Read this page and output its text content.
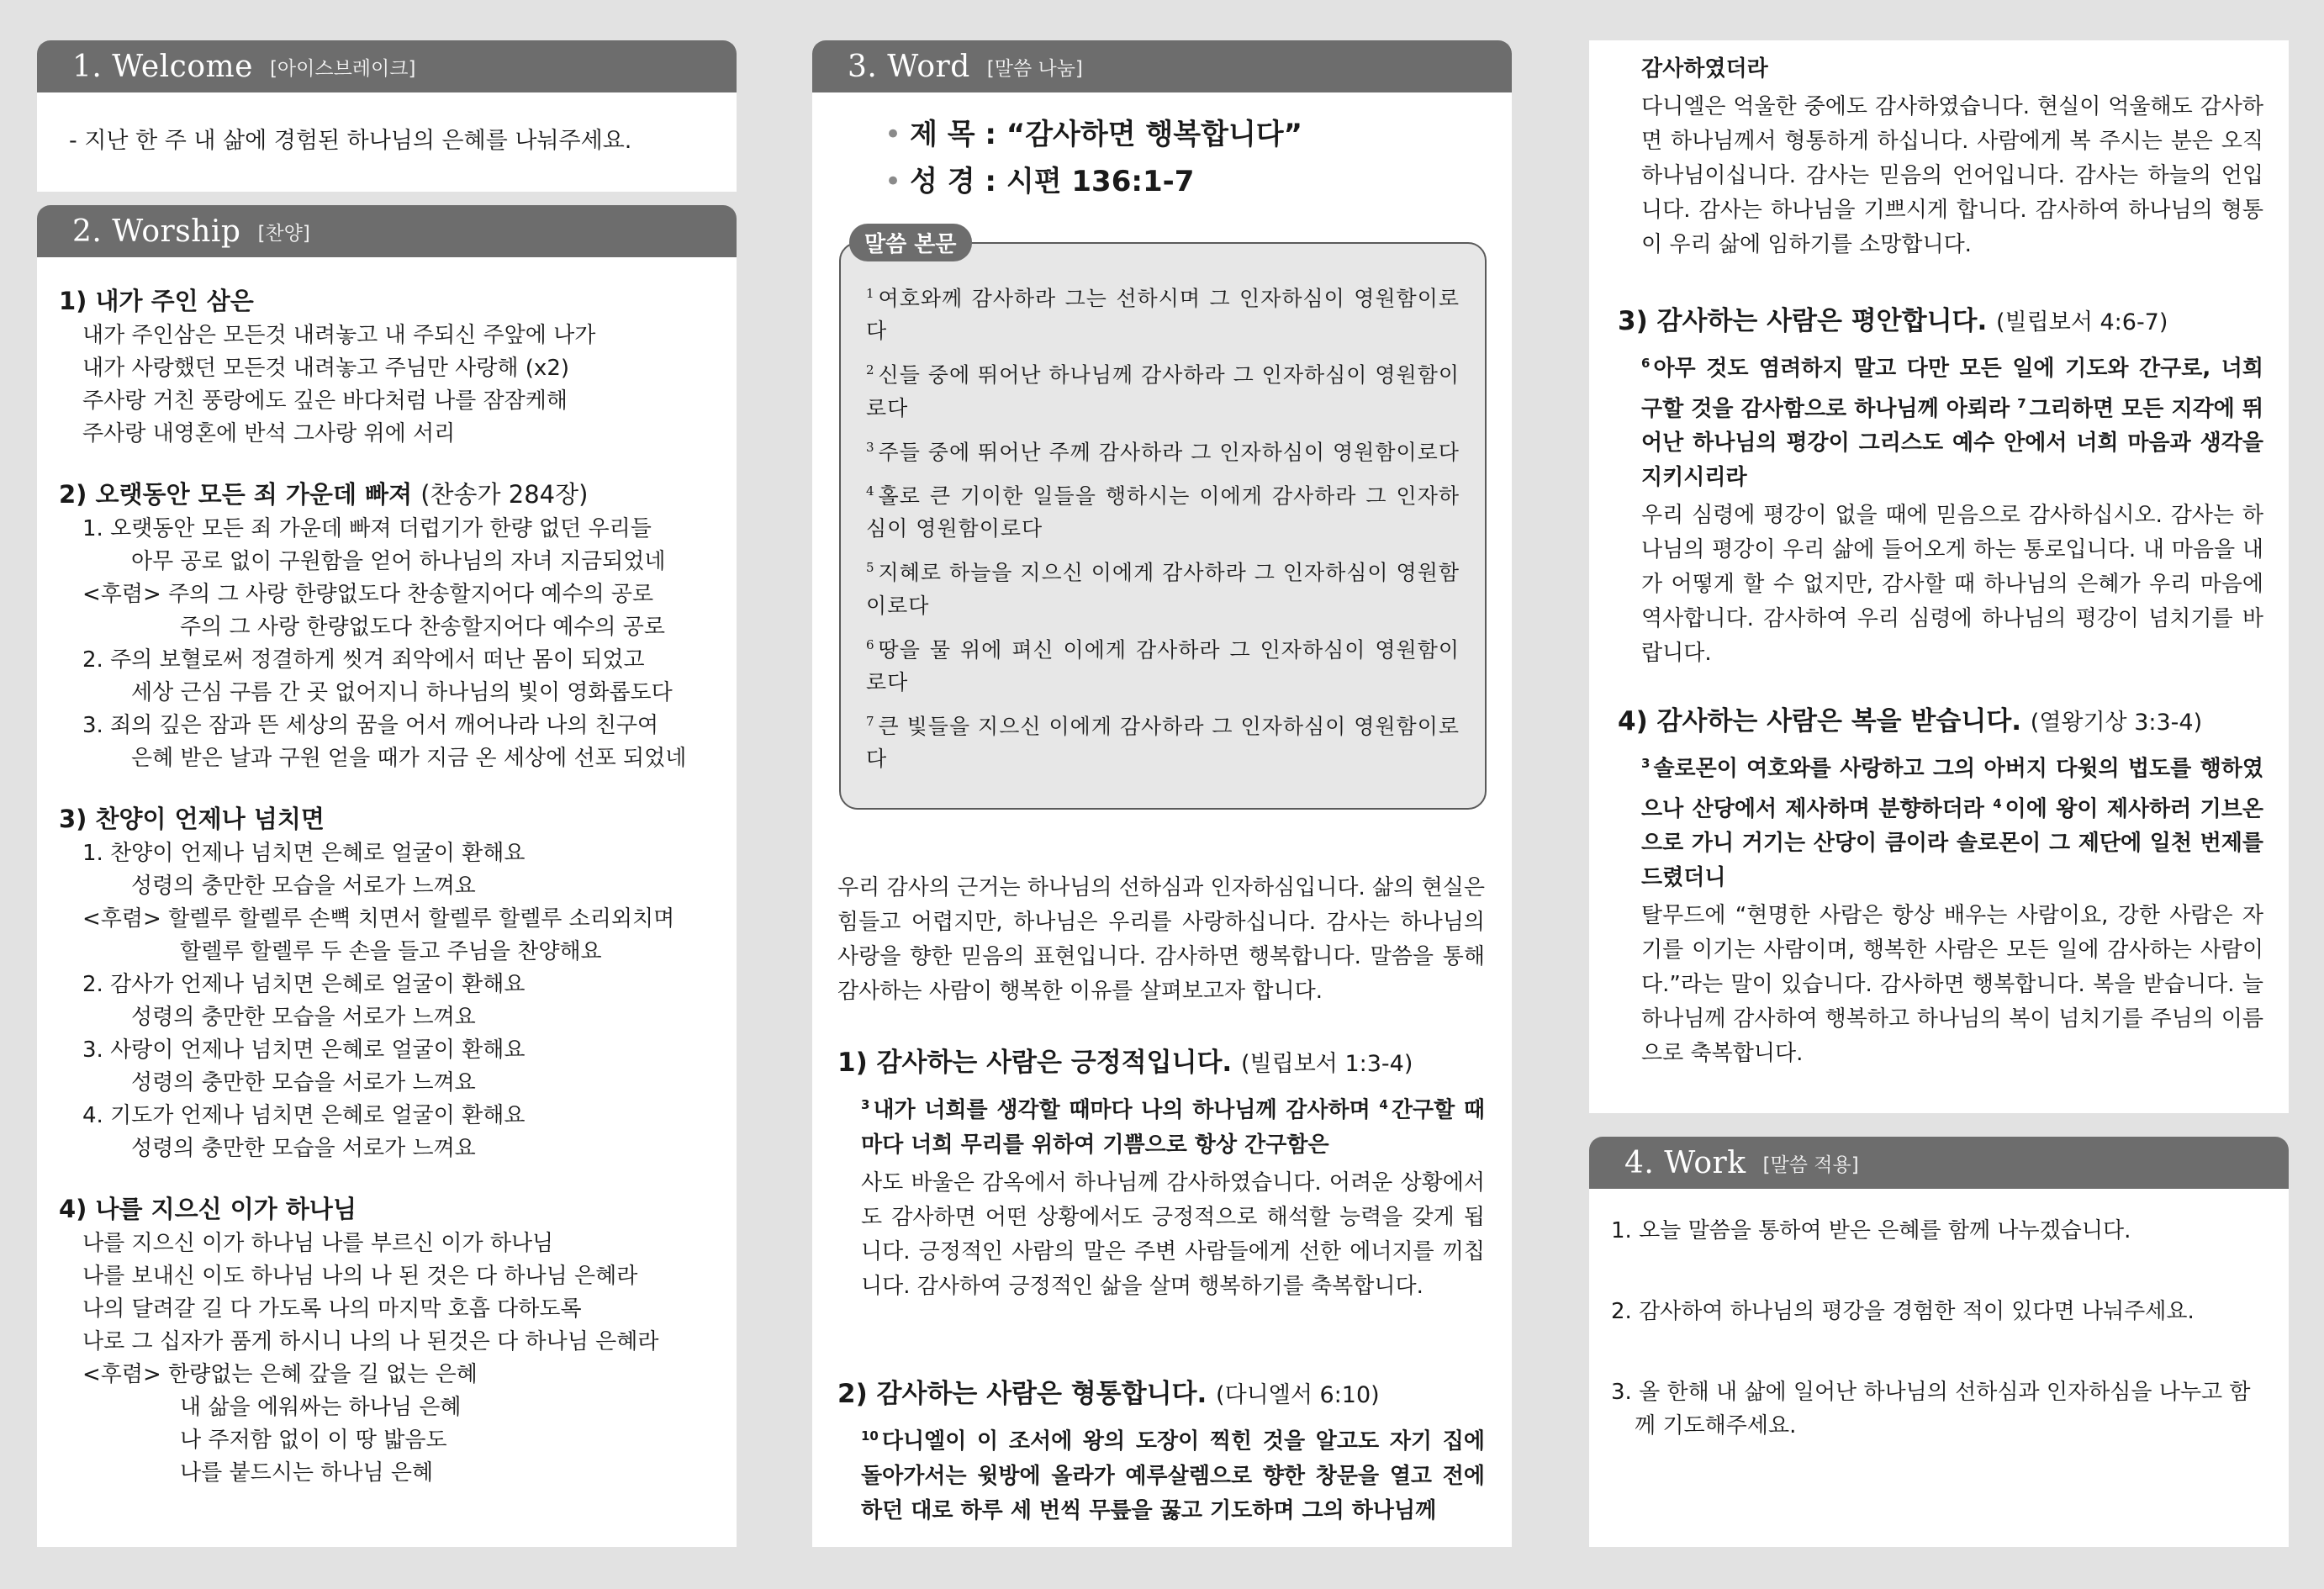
1. Welcome [아이스브레이크]
- 지난 한 주 내 삶에 경험된 하나님의 은혜를 나눠주세요.
2. Worship [찬양]
1) 내가 주인 삼은
내가 주인삼은 모든것 내려놓고 내 주되신 주앞에 나가
내가 사랑했던 모든것 내려놓고 주님만 사랑해 (x2)
주사랑 거친 풍랑에도 깊은 바다처럼 나를 잠잠케해
주사랑 내영혼에 반석 그사랑 위에 서리
2) 오랫동안 모든 죄 가운데 빠져 (찬송가 284장)
1. 오랫동안 모든 죄 가운데 빠져 더럽기가 한량 없던 우리들
아무 공로 없이 구원함을 얻어 하나님의 자녀 지금되었네
<후렴> 주의 그 사랑 한량없도다 찬송할지어다 예수의 공로
주의 그 사랑 한량없도다 찬송할지어다 예수의 공로
2. 주의 보혈로써 정결하게 씻겨 죄악에서 떠난 몸이 되었고
세상 근심 구름 간 곳 없어지니 하나님의 빛이 영화롭도다
3. 죄의 깊은 잠과 뜬 세상의 꿈을 어서 깨어나라 나의 친구여
은혜 받은 날과 구원 얻을 때가 지금 온 세상에 선포 되었네
3) 찬양이 언제나 넘치면
1. 찬양이 언제나 넘치면 은혜로 얼굴이 환해요
성령의 충만한 모습을 서로가 느껴요
<후렴> 할렐루 할렐루 손뼉 치면서 할렐루 할렐루 소리외치며
할렐루 할렐루 두 손을 들고 주님을 찬양해요
2. 감사가 언제나 넘치면 은혜로 얼굴이 환해요
성령의 충만한 모습을 서로가 느껴요
3. 사랑이 언제나 넘치면 은혜로 얼굴이 환해요
성령의 충만한 모습을 서로가 느껴요
4. 기도가 언제나 넘치면 은혜로 얼굴이 환해요
성령의 충만한 모습을 서로가 느껴요
4) 나를 지으신 이가 하나님
나를 지으신 이가 하나님 나를 부르신 이가 하나님
나를 보내신 이도 하나님 나의 나 된 것은 다 하나님 은혜라
나의 달려갈 길 다 가도록 나의 마지막 호흡 다하도록
나로 그 십자가 품게 하시니 나의 나 된것은 다 하나님 은혜라
<후렴> 한량없는 은혜 갚을 길 없는 은혜
내 삶을 에워싸는 하나님 은혜
나 주저함 없이 이 땅 밟음도
나를 붙드시는 하나님 은혜
3. Word [말씀 나눔]
• 제 목 : “감사하면 행복합니다”
• 성 경 : 시편 136:1-7
$^1$ 여호와께 감사하라 그는 선하시며 그 인자하심이 영원함이로다
$^2$ 신들 중에 뛰어난 하나님께 감사하라 그 인자하심이 영원함이로다
$^3$ 주들 중에 뛰어난 주께 감사하라 그 인자하심이 영원함이로다
$^4$ 홀로 큰 기이한 일들을 행하시는 이에게 감사하라 그 인자하심이 영원함이로다
$^5$ 지혜로 하늘을 지으신 이에게 감사하라 그 인자하심이 영원함이로다
$^6$ 땅을 물 위에 펴신 이에게 감사하라 그 인자하심이 영원함이로다
$^7$ 큰 빛들을 지으신 이에게 감사하라 그 인자하심이 영원함이로다
말씀 본문
우리 감사의 근거는 하나님의 선하심과 인자하심입니다. 삶의 현실은 힘들고 어렵지만, 하나님은 우리를 사랑하십니다. 감사는 하나님의 사랑을 향한 믿음의 표현입니다. 감사하면 행복합니다. 말씀을 통해 감사하는 사람이 행복한 이유를 살펴보고자 합니다.
1) 감사하는 사람은 긍정적입니다. (빌립보서 1:3-4)
$^3$ 내가 너희를 생각할 때마다 나의 하나님께 감사하며 $^4$ 간구할 때마다 너희 무리를 위하여 기쁨으로 항상 간구함은
사도 바울은 감옥에서 하나님께 감사하였습니다. 어려운 상황에서도 감사하면 어떤 상황에서도 긍정적으로 해석할 능력을 갖게 됩니다. 긍정적인 사람의 말은 주변 사람들에게 선한 에너지를 끼칩니다. 감사하여 긍정적인 삶을 살며 행복하기를 축복합니다.
2) 감사하는 사람은 형통합니다. (다니엘서 6:10)
$^{10}$ 다니엘이 이 조서에 왕의 도장이 찍힌 것을 알고도 자기 집에 돌아가서는 윗방에 올라가 예루살렘으로 향한 창문을 열고 전에 하던 대로 하루 세 번씩 무릎을 꿇고 기도하며 그의 하나님께
감사하였더라
다니엘은 억울한 중에도 감사하였습니다. 현실이 억울해도 감사하면 하나님께서 형통하게 하십니다. 사람에게 복 주시는 분은 오직 하나님이십니다. 감사는 믿음의 언어입니다. 감사는 하늘의 언입니다. 감사는 하나님을 기쁘시게 합니다. 감사하여 하나님의 형통이 우리 삶에 임하기를 소망합니다.
3) 감사하는 사람은 평안합니다. (빌립보서 4:6-7)
$^6$ 아무 것도 염려하지 말고 다만 모든 일에 기도와 간구로, 너희 구할 것을 감사함으로 하나님께 아뢰라 $^7$ 그리하면 모든 지각에 뛰어난 하나님의 평강이 그리스도 예수 안에서 너희 마음과 생각을 지키시리라
우리 심령에 평강이 없을 때에 믿음으로 감사하십시오. 감사는 하나님의 평강이 우리 삶에 들어오게 하는 통로입니다. 내 마음을 내가 어떻게 할 수 없지만, 감사할 때 하나님의 은혜가 우리 마음에 역사합니다. 감사하여 우리 심령에 하나님의 평강이 넘치기를 바랍니다.
4) 감사하는 사람은 복을 받습니다. (열왕기상 3:3-4)
$^3$ 솔로몬이 여호와를 사랑하고 그의 아버지 다윗의 법도를 행하였으나 산당에서 제사하며 분향하더라 $^4$ 이에 왕이 제사하러 기브온으로 가니 거기는 산당이 큼이라 솔로몬이 그 제단에 일천 번제를 드렸더니
탈무드에 “현명한 사람은 항상 배우는 사람이요, 강한 사람은 자기를 이기는 사람이며, 행복한 사람은 모든 일에 감사하는 사람이다.”라는 말이 있습니다. 감사하면 행복합니다. 복을 받습니다. 늘 하나님께 감사하여 행복하고 하나님의 복이 넘치기를 주님의 이름으로 축복합니다.
4. Work [말씀 적용]
1. 오늘 말씀을 통하여 받은 은혜를 함께 나누겠습니다.
2. 감사하여 하나님의 평강을 경험한 적이 있다면 나눠주세요.
3. 올 한해 내 삶에 일어난 하나님의 선하심과 인자하심을 나누고 함께 기도해주세요.
